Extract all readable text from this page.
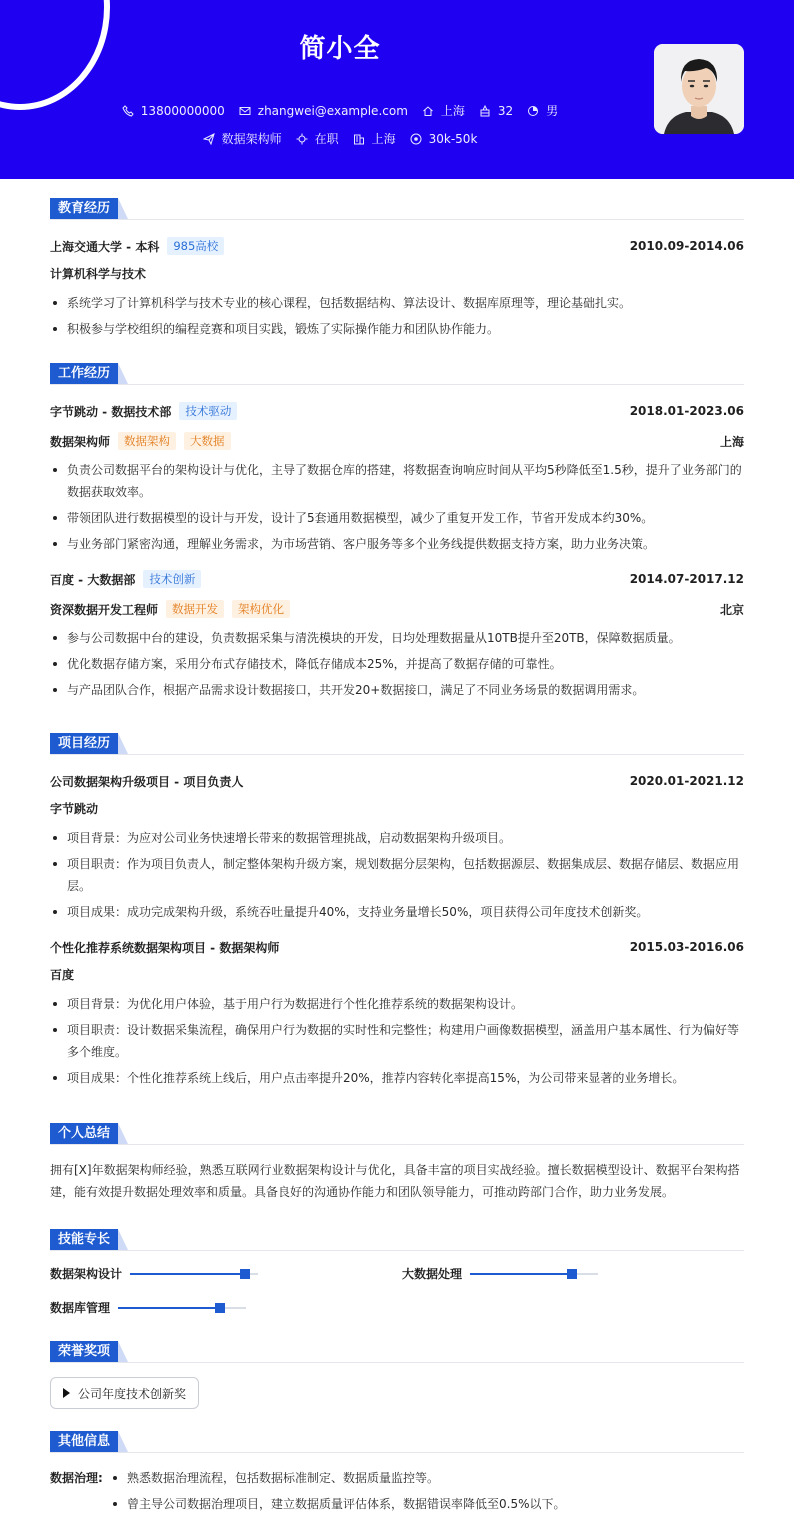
简小全
13800000000	zhangwei@example.com	上海	32	男
数据架构师	在职	上海	30k-50k
教育经历
上海交通大学 - 本科	985高校	2010.09-2014.06
计算机科学与技术
系统学习了计算机科学与技术专业的核心课程，包括数据结构、算法设计、数据库原理等，理论基础扎实。
积极参与学校组织的编程竞赛和项目实践，锻炼了实际操作能力和团队协作能力。
工作经历
字节跳动 - 数据技术部	技术驱动	2018.01-2023.06
数据架构师	数据架构	大数据	上海
负责公司数据平台的架构设计与优化，主导了数据仓库的搭建，将数据查询响应时间从平均5秒降低至1.5秒，提升了业务部门的数据获取效率。
带领团队进行数据模型的设计与开发，设计了5套通用数据模型，减少了重复开发工作，节省开发成本约30%。
与业务部门紧密沟通，理解业务需求，为市场营销、客户服务等多个业务线提供数据支持方案，助力业务决策。
百度 - 大数据部	技术创新	2014.07-2017.12
资深数据开发工程师	数据开发	架构优化	北京
参与公司数据中台的建设，负责数据采集与清洗模块的开发，日均处理数据量从10TB提升至20TB，保障数据质量。
优化数据存储方案，采用分布式存储技术，降低存储成本25%，并提高了数据存储的可靠性。
与产品团队合作，根据产品需求设计数据接口，共开发20+数据接口，满足了不同业务场景的数据调用需求。
项目经历
公司数据架构升级项目 - 项目负责人	2020.01-2021.12
字节跳动
项目背景：为应对公司业务快速增长带来的数据管理挑战，启动数据架构升级项目。
项目职责：作为项目负责人，制定整体架构升级方案，规划数据分层架构，包括数据源层、数据集成层、数据存储层、数据应用层。
项目成果：成功完成架构升级，系统吞吐量提升40%，支持业务量增长50%，项目获得公司年度技术创新奖。
个性化推荐系统数据架构项目 - 数据架构师	2015.03-2016.06
百度
项目背景：为优化用户体验，基于用户行为数据进行个性化推荐系统的数据架构设计。
项目职责：设计数据采集流程，确保用户行为数据的实时性和完整性；构建用户画像数据模型，涵盖用户基本属性、行为偏好等多个维度。
项目成果：个性化推荐系统上线后，用户点击率提升20%，推荐内容转化率提高15%，为公司带来显著的业务增长。
个人总结

拥有[X]年数据架构师经验，熟悉互联网行业数据架构设计与优化，具备丰富的项目实战经验。擅长数据模型设计、数据平台架构搭建，能有效提升数据处理效率和质量。具备良好的沟通协作能力和团队领导能力，可推动跨部门合作，助力业务发展。

技能专长
数据架构设计	大数据处理
数据库管理
荣誉奖项
公司年度技术创新奖
其他信息
数据治理:	熟悉数据治理流程，包括数据标准制定、数据质量监控等。
曾主导公司数据治理项目，建立数据质量评估体系，数据错误率降低至0.5%以下。
